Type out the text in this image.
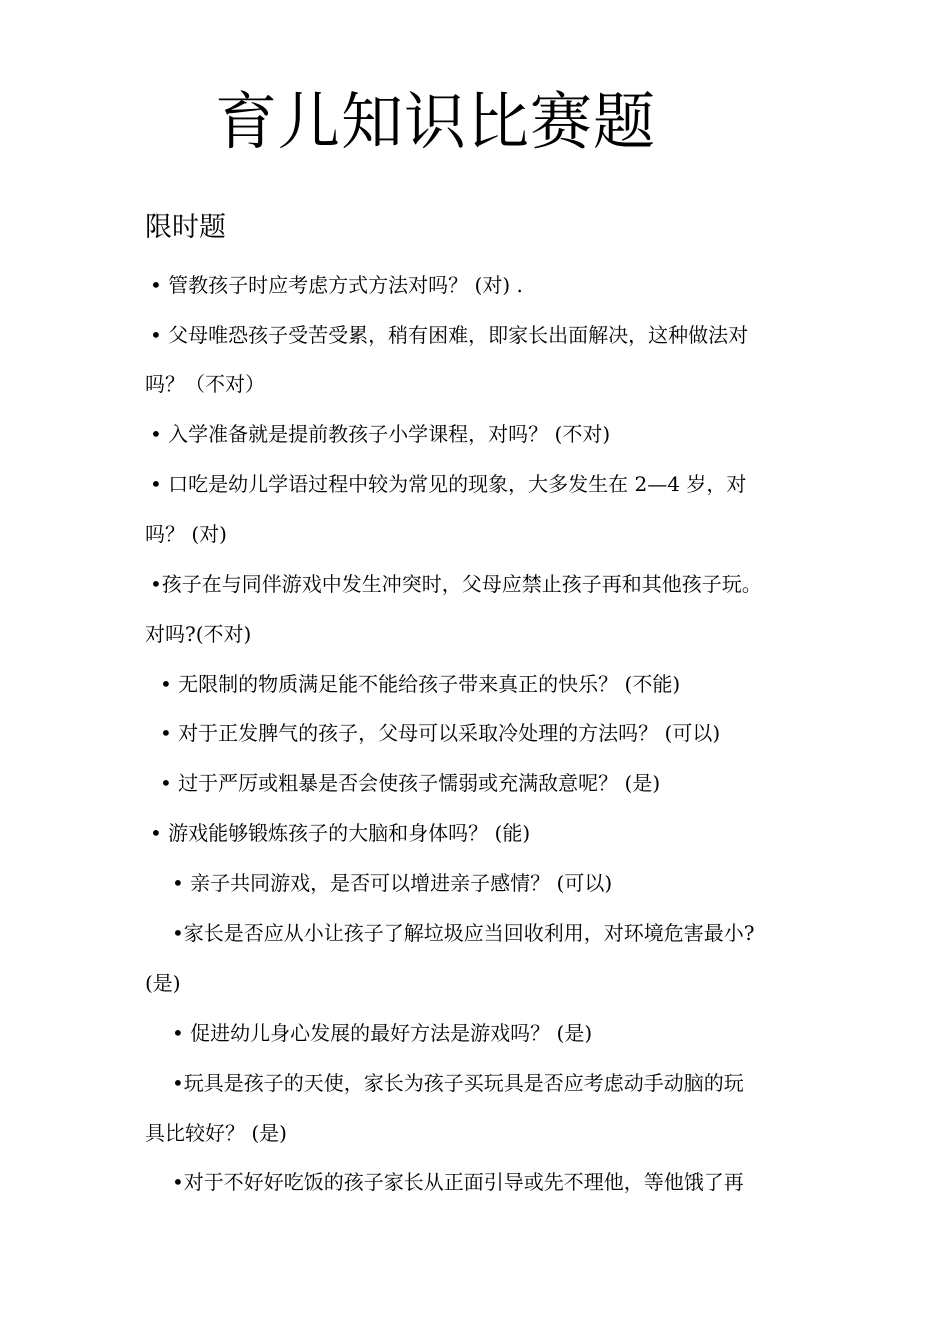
育儿知识比赛题
限时题
• 管教孩子时应考虑方式方法对吗？ (对) .
• 父母唯恐孩子受苦受累，稍有困难，即家长出面解决，这种做法对
吗？（不对）
• 入学准备就是提前教孩子小学课程，对吗？ (不对)
• 口吃是幼儿学语过程中较为常见的现象，大多发生在 2—4 岁，对
吗？ (对)
•孩子在与同伴游戏中发生冲突时，父母应禁止孩子再和其他孩子玩。
对吗?(不对)
• 无限制的物质满足能不能给孩子带来真正的快乐？ (不能)
• 对于正发脾气的孩子，父母可以采取冷处理的方法吗？ (可以)
• 过于严厉或粗暴是否会使孩子懦弱或充满敌意呢？ (是)
• 游戏能够锻炼孩子的大脑和身体吗？ (能)
• 亲子共同游戏，是否可以增进亲子感情？ (可以)
•家长是否应从小让孩子了解垃圾应当回收利用，对环境危害最小?
(是)
• 促进幼儿身心发展的最好方法是游戏吗？ (是)
•玩具是孩子的天使，家长为孩子买玩具是否应考虑动手动脑的玩
具比较好？ (是)
•对于不好好吃饭的孩子家长从正面引导或先不理他，等他饿了再
